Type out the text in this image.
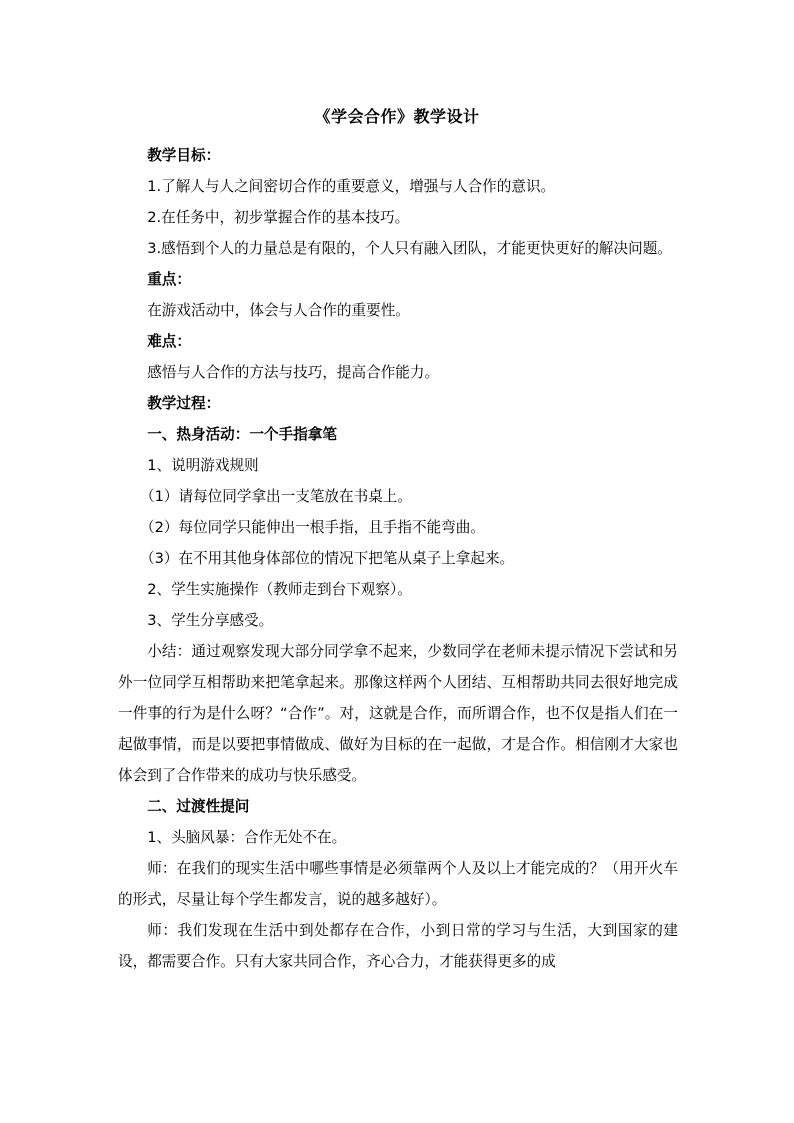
《学会合作》教学设计

教学目标：

1.了解人与人之间密切合作的重要意义，增强与人合作的意识。

2.在任务中，初步掌握合作的基本技巧。

3.感悟到个人的力量总是有限的，个人只有融入团队，才能更快更好的解决问题。

重点：

在游戏活动中，体会与人合作的重要性。

难点：

感悟与人合作的方法与技巧，提高合作能力。

教学过程：

一、热身活动：一个手指拿笔

1、说明游戏规则

（1）请每位同学拿出一支笔放在书桌上。

（2）每位同学只能伸出一根手指，且手指不能弯曲。

（3）在不用其他身体部位的情况下把笔从桌子上拿起来。

2、学生实施操作（教师走到台下观察）。

3、学生分享感受。

小结：通过观察发现大部分同学拿不起来，少数同学在老师未提示情况下尝试和另外一位同学互相帮助来把笔拿起来。那像这样两个人团结、互相帮助共同去很好地完成一件事的行为是什么呀？“合作”。对，这就是合作，而所谓合作，也不仅是指人们在一起做事情，而是以要把事情做成、做好为目标的在一起做，才是合作。相信刚才大家也体会到了合作带来的成功与快乐感受。

二、过渡性提问

1、头脑风暴：合作无处不在。

师：在我们的现实生活中哪些事情是必须靠两个人及以上才能完成的？（用开火车的形式，尽量让每个学生都发言，说的越多越好）。

师：我们发现在生活中到处都存在合作，小到日常的学习与生活，大到国家的建设，都需要合作。只有大家共同合作，齐心合力，才能获得更多的成
